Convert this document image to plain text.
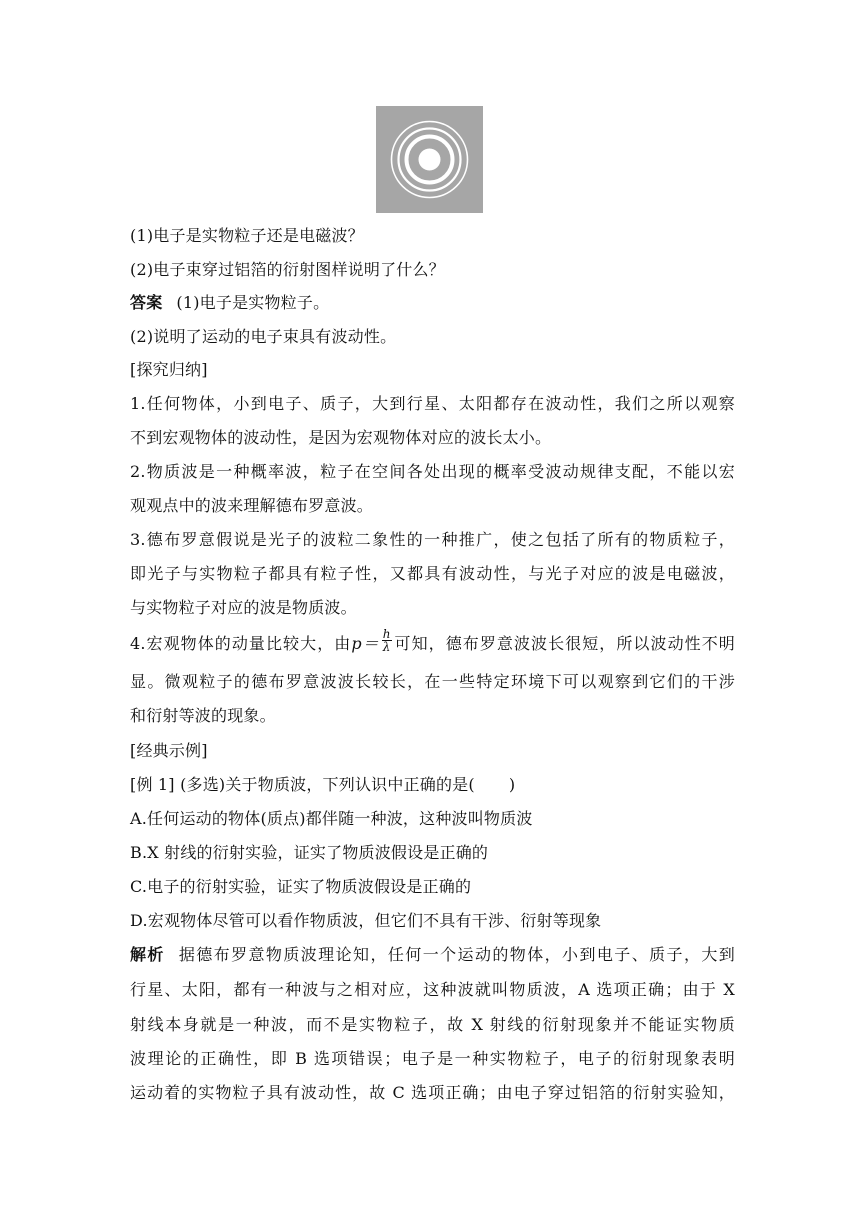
(1)电子是实物粒子还是电磁波？
(2)电子束穿过铝箔的衍射图样说明了什么？
答案 (1)电子是实物粒子。
(2)说明了运动的电子束具有波动性。
[探究归纳]
1.任何物体，小到电子、质子，大到行星、太阳都存在波动性，我们之所以观察
不到宏观物体的波动性，是因为宏观物体对应的波长太小。
2.物质波是一种概率波，粒子在空间各处出现的概率受波动规律支配，不能以宏
观观点中的波来理解德布罗意波。
3.德布罗意假说是光子的波粒二象性的一种推广，使之包括了所有的物质粒子，
即光子与实物粒子都具有粒子性，又都具有波动性，与光子对应的波是电磁波，
与实物粒子对应的波是物质波。
4.宏观物体的动量比较大，由$p= \frac{h}{\lambda}$ 可知，德布罗意波波长很短，所以波动性不明
显。微观粒子的德布罗意波波长较长，在一些特定环境下可以观察到它们的干涉
和衍射等波的现象。
[经典示例]
[例 1] (多选)关于物质波，下列认识中正确的是( )
A.任何运动的物体(质点)都伴随一种波，这种波叫物质波
B.X 射线的衍射实验，证实了物质波假设是正确的
C.电子的衍射实验，证实了物质波假设是正确的
D.宏观物体尽管可以看作物质波，但它们不具有干涉、衍射等现象
解析 据德布罗意物质波理论知，任何一个运动的物体，小到电子、质子，大到
行星、太阳，都有一种波与之相对应，这种波就叫物质波，A 选项正确；由于 X
射线本身就是一种波，而不是实物粒子，故 X 射线的衍射现象并不能证实物质
波理论的正确性，即 B 选项错误；电子是一种实物粒子，电子的衍射现象表明
运动着的实物粒子具有波动性，故 C 选项正确；由电子穿过铝箔的衍射实验知，
